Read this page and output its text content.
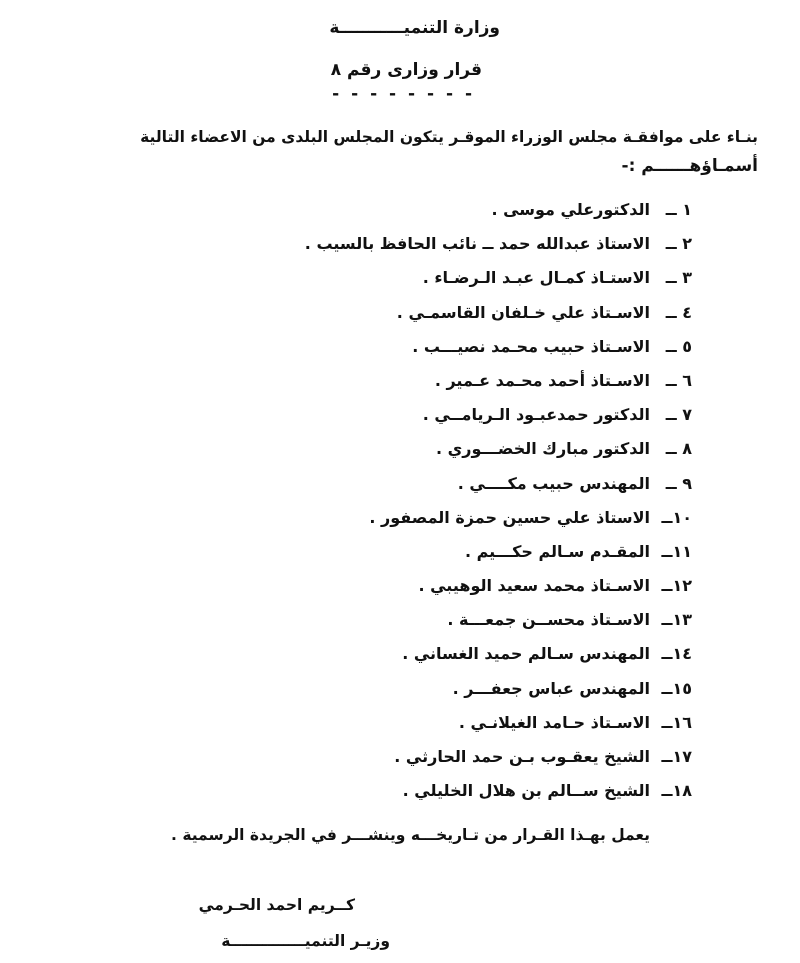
وزارة التنميـــــــــــة
قرار وزارى رقم ٨
- - - - - - - -
بنـاء على موافقـة مجلس الوزراء الموقـر يتكون المجلس البلدى من الاعضاء التالية
أسمـاؤهــــــم :-
١ ــالدكتورعلي موسى .
٢ ــالاستاذ عبدالله حمد ــ نائب الحافظ بالسيب .
٣ ــالاستـاذ كمـال عبـد الـرضـاء .
٤ ــالاسـتاذ علي خـلفان القاسمـي .
٥ ــالاسـتاذ حبيب محـمد نصيـــب .
٦ ــالاسـتاذ أحمد محـمد عـمير .
٧ ــالدكتور حمدعبـود الـريامــي .
٨ ــالدكتور مبارك الخضـــوري .
٩ ــالمهندس حبيب مكــــي .
١٠ــالاستاذ علي حسين حمزة المصفور .
١١ــالمقـدم سـالم حكـــيم .
١٢ــالاسـتاذ محمد سعيد الوهيبي .
١٣ــالاسـتاذ محســن جمعـــة .
١٤ــالمهندس سـالم حميد الغساني .
١٥ــالمهندس عباس جعفـــر .
١٦ــالاسـتاذ حـامد الغيلانـي .
١٧ــالشيخ يعقـوب بـن حمد الحارثي .
١٨ــالشيخ ســالم بن هلال الخليلي .
يعمل بهـذا القـرار من تـاريخـــه وينشـــر في الجريدة الرسمية .
كــريم احمد الحـرمي
وزيـر التنميــــــــــــــة
